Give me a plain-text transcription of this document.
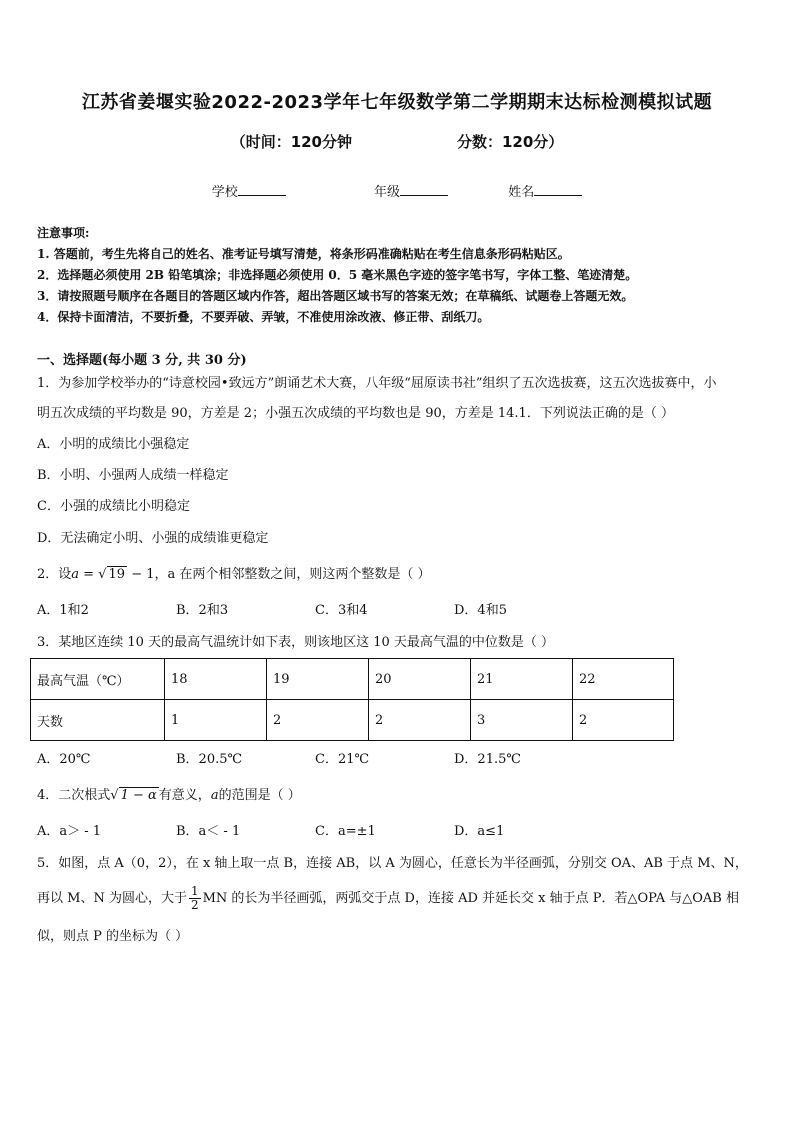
江苏省姜堰实验2022-2023学年七年级数学第二学期期末达标检测模拟试题
（时间：120分钟	分数：120分）
学校	年级	姓名
注意事项:
1. 答题前，考生先将自己的姓名、准考证号填写清楚，将条形码准确粘贴在考生信息条形码粘贴区。
2．选择题必须使用 2B 铅笔填涂；非选择题必须使用 0．5 毫米黑色字迹的签字笔书写，字体工整、笔迹清楚。
3．请按照题号顺序在各题目的答题区域内作答，超出答题区域书写的答案无效；在草稿纸、试题卷上答题无效。
4．保持卡面清洁，不要折叠，不要弄破、弄皱，不准使用涂改液、修正带、刮纸刀。
一、选择题(每小题 3 分, 共 30 分)
1．为参加学校举办的“诗意校园•致远方”朗诵艺术大赛，八年级“屈原读书社”组织了五次选拔赛，这五次选拔赛中，小
明五次成绩的平均数是 90，方差是 2；小强五次成绩的平均数也是 90，方差是 14.1．下列说法正确的是（ ）
A．小明的成绩比小强稳定
B．小明、小强两人成绩一样稳定
C．小强的成绩比小明稳定
D．无法确定小明、小强的成绩谁更稳定
2．设a = √ 19 − 1，a 在两个相邻整数之间，则这两个整数是（ ）
A．1和2	B．2和3	C．3和4	D．4和5
3．某地区连续 10 天的最高气温统计如下表，则该地区这 10 天最高气温的中位数是（ ）
最高气温（℃）	18	19	20	21	22
天数	1	2	2	3	2
A．20℃	B．20.5℃	C．21℃	D．21.5℃
4．二次根式√ 1 − α 有意义，a的范围是（ ）
A．a＞ - 1	B．a＜ - 1	C．a=±1	D．a≤1
5．如图，点 A（0，2），在 x 轴上取一点 B，连接 AB，以 A 为圆心，任意长为半径画弧，分别交 OA、AB 于点 M、N，
再以 M、N 为圆心，大于 $\frac{1}{2}$ MN 的长为半径画弧，两弧交于点 D，连接 AD 并延长交 x 轴于点 P．若△OPA 与△OAB 相
似，则点 P 的坐标为（ ）
